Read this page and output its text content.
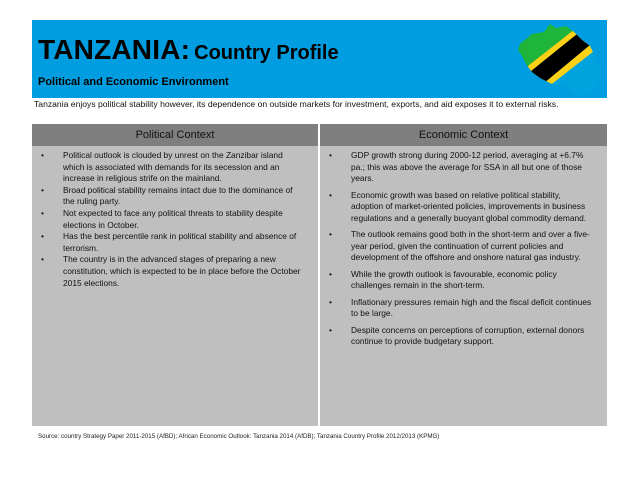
TANZANIA: Country Profile
Political and Economic Environment
Tanzania enjoys political stability however, its dependence on outside markets for investment, exports, and aid exposes it to external risks.
Political Context	Economic Context
• Political outlook is clouded by unrest on the Zanzibar island which is associated with demands for its secession and an increase in religious strife on the mainland.
• Broad political stability remains intact due to the dominance of the ruling party.
• Not expected to face any political threats to stability despite elections in October.
• Has the best percentile rank in political stability and absence of terrorism.
• The country is in the advanced stages of preparing a new constitution, which is expected to be in place before the October 2015 elections.
• GDP growth strong during 2000-12 period, averaging at +6.7% pa.; this was above the average for SSA in all but one of those years.
• Economic growth was based on relative political stability, adoption of market-oriented policies, improvements in business regulations and a generally buoyant global commodity demand.
• The outlook remains good both in the short-term and over a five-year period, given the continuation of current policies and development of the offshore and onshore natural gas industry.
• While the growth outlook is favourable, economic policy challenges remain in the short-term.
• Inflationary pressures remain high and the fiscal deficit continues to be large.
• Despite concerns on perceptions of corruption, external donors continue to provide budgetary support.
Source: country Strategy Paper 2011-2015 (AfBD); African Economic Outlook: Tanzania 2014 (AfDB); Tanzania Country Profile 2012/2013 (KPMG)
